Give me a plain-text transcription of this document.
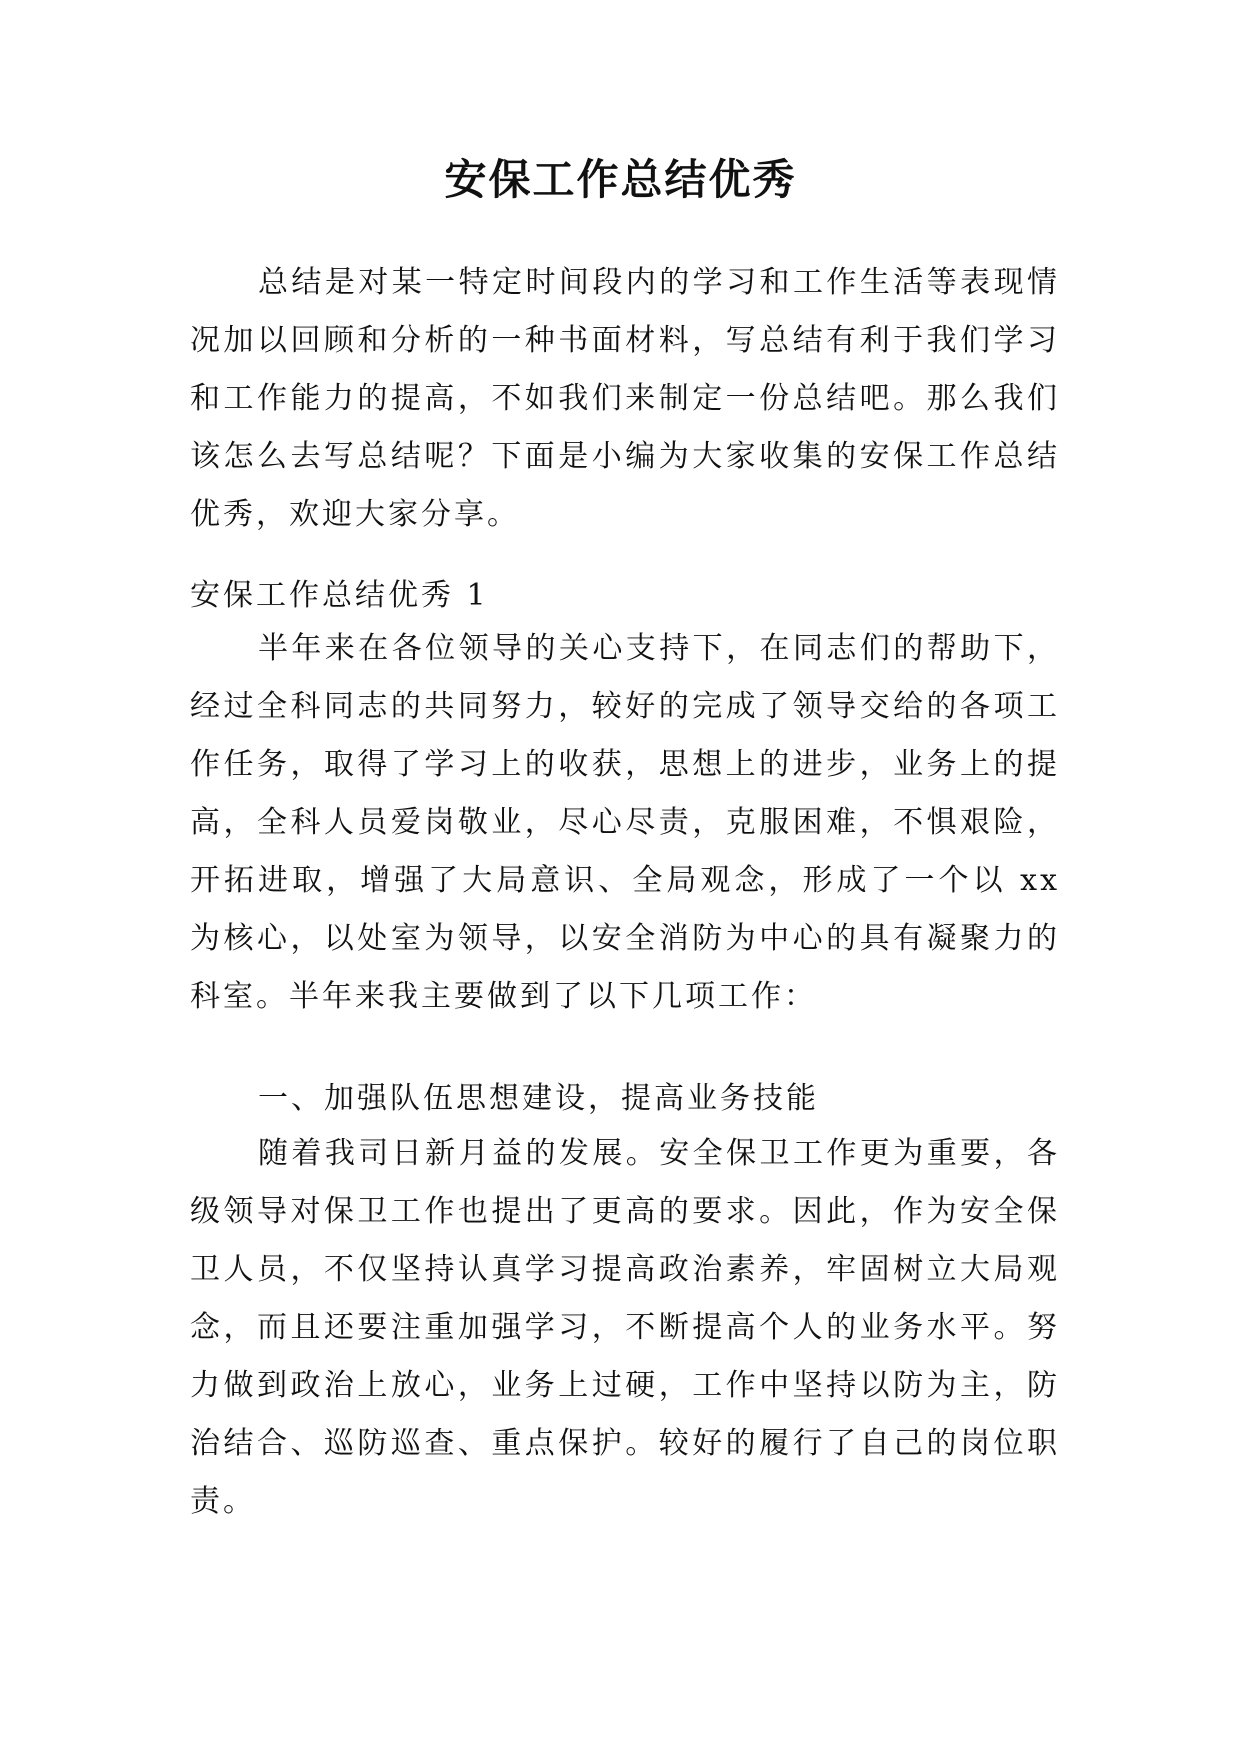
安保工作总结优秀

总结是对某一特定时间段内的学习和工作生活等表现情况加以回顾和分析的一种书面材料，写总结有利于我们学习和工作能力的提高，不如我们来制定一份总结吧。那么我们该怎么去写总结呢？下面是小编为大家收集的安保工作总结优秀，欢迎大家分享。

安保工作总结优秀 1

半年来在各位领导的关心支持下，在同志们的帮助下，经过全科同志的共同努力，较好的完成了领导交给的各项工作任务，取得了学习上的收获，思想上的进步，业务上的提高，全科人员爱岗敬业，尽心尽责，克服困难，不惧艰险，开拓进取，增强了大局意识、全局观念，形成了一个以 xx 为核心，以处室为领导，以安全消防为中心的具有凝聚力的科室。半年来我主要做到了以下几项工作：

一、加强队伍思想建设，提高业务技能

随着我司日新月益的发展。安全保卫工作更为重要，各级领导对保卫工作也提出了更高的要求。因此，作为安全保卫人员，不仅坚持认真学习提高政治素养，牢固树立大局观念，而且还要注重加强学习，不断提高个人的业务水平。努力做到政治上放心，业务上过硬，工作中坚持以防为主，防治结合、巡防巡查、重点保护。较好的履行了自己的岗位职责。
